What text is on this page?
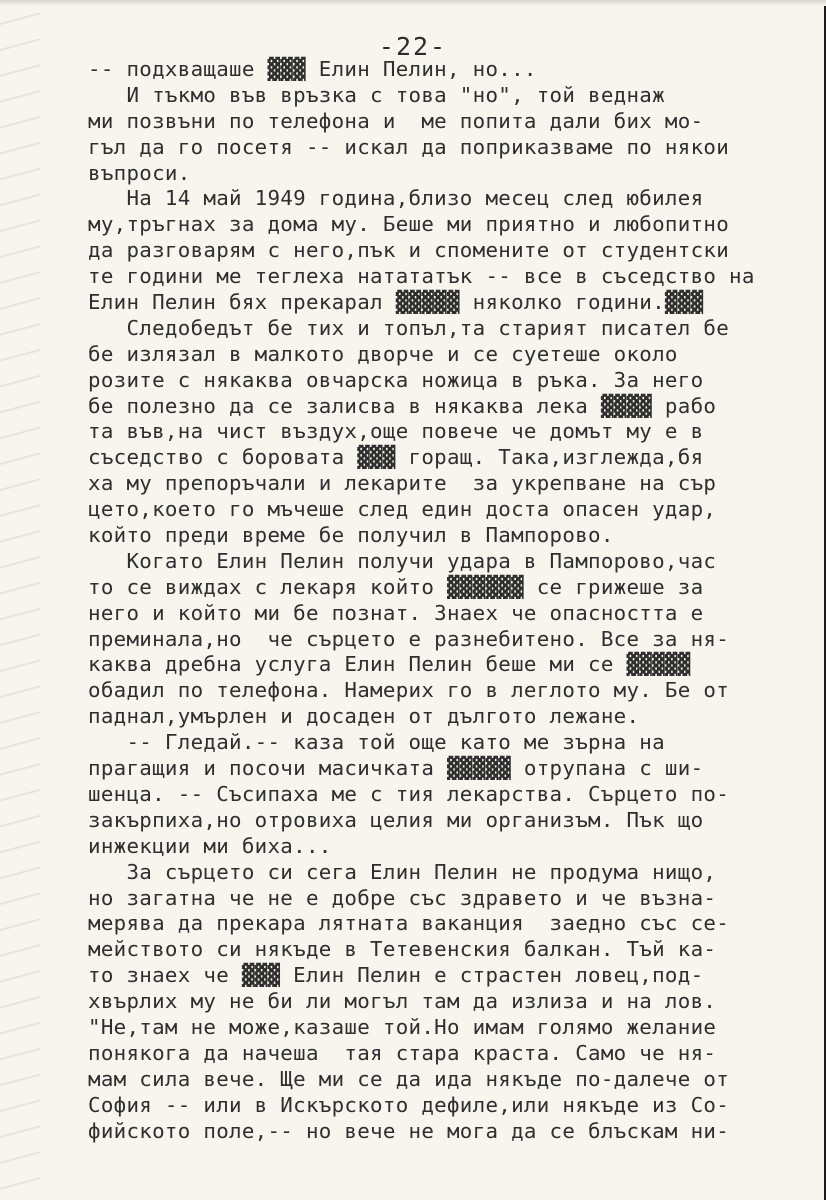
-22-
-- подхващаше ▓▓▓ Елин Пелин, но...
И тъкмо във връзка с това "но", той веднаж
ми позвъни по телефона и  ме попита дали бих мо-
гъл да го посетя -- искал да поприказваме по някои
въпроси.
На 14 май 1949 година,близо месец след юбилея
му,тръгнах за дома му. Беше ми приятно и любопитно
да разговарям с него,пък и спомените от студентски
те години ме теглеха натататък -- все в съседство на
Елин Пелин бях прекарал ▓▓▓▓▓ няколко години.▓▓▓
Следобедът бе тих и топъл,та старият писател бе
бе излязал в малкото дворче и се суетеше около
розите с някаква овчарска ножица в ръка. За него
бе полезно да се залисва в някаква лека ▓▓▓▓ рабо
та във,на чист въздух,още повече че домът му е в
съседство с боровата ▓▓▓ горащ. Така,изглежда,бя
ха му препоръчали и лекарите  за укрепване на сър
цето,което го мъчеше след един доста опасен удар,
който преди време бе получил в Пампорово.
Когато Елин Пелин получи удара в Пампорово,час
то се виждах с лекаря който ▓▓▓▓▓▓ се грижеше за
него и който ми бе познат. Знаех че опасността е
преминала,но  че сърцето е разнебитено. Все за ня-
каква дребна услуга Елин Пелин беше ми се ▓▓▓▓▓
обадил по телефона. Намерих го в леглото му. Бе от
паднал,умърлен и досаден от дългото лежане.
-- Гледай.-- каза той още като ме зърна на
прагащия и посочи масичката ▓▓▓▓▓ отрупана с ши-
шенца. -- Съсипаха ме с тия лекарства. Сърцето по-
закърпиха,но отровиха целия ми организъм. Пък що
инжекции ми биха...
За сърцето си сега Елин Пелин не продума нищо,
но загатна че не е добре със здравето и че възна-
мерява да прекара лятната ваканция  заедно със се-
мейството си някъде в Тетевенския балкан. Тъй ка-
то знаех че ▓▓▓ Елин Пелин е страстен ловец,под-
хвърлих му не би ли могъл там да излиза и на лов.
"Не,там не може,казаше той.Но имам голямо желание
понякога да начеша  тая стара краста. Само че ня-
мам сила вече. Ще ми се да ида някъде по-далече от
София -- или в Искърското дефиле,или някъде из Со-
фийското поле,-- но вече не мога да се блъскам ни-
